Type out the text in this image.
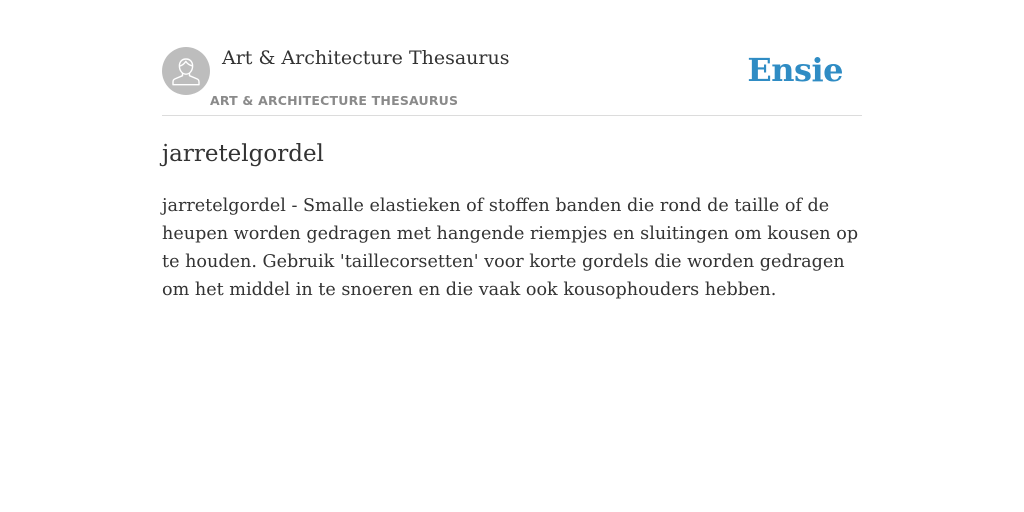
Art & Architecture Thesaurus
ART & ARCHITECTURE THESAURUS
Ensie
jarretelgordel

jarretelgordel - Smalle elastieken of stoffen banden die rond de taille of de heupen worden gedragen met hangende riempjes en sluitingen om kousen op te houden. Gebruik 'taillecorsetten' voor korte gordels die worden gedragen om het middel in te snoeren en die vaak ook kousophouders hebben.
